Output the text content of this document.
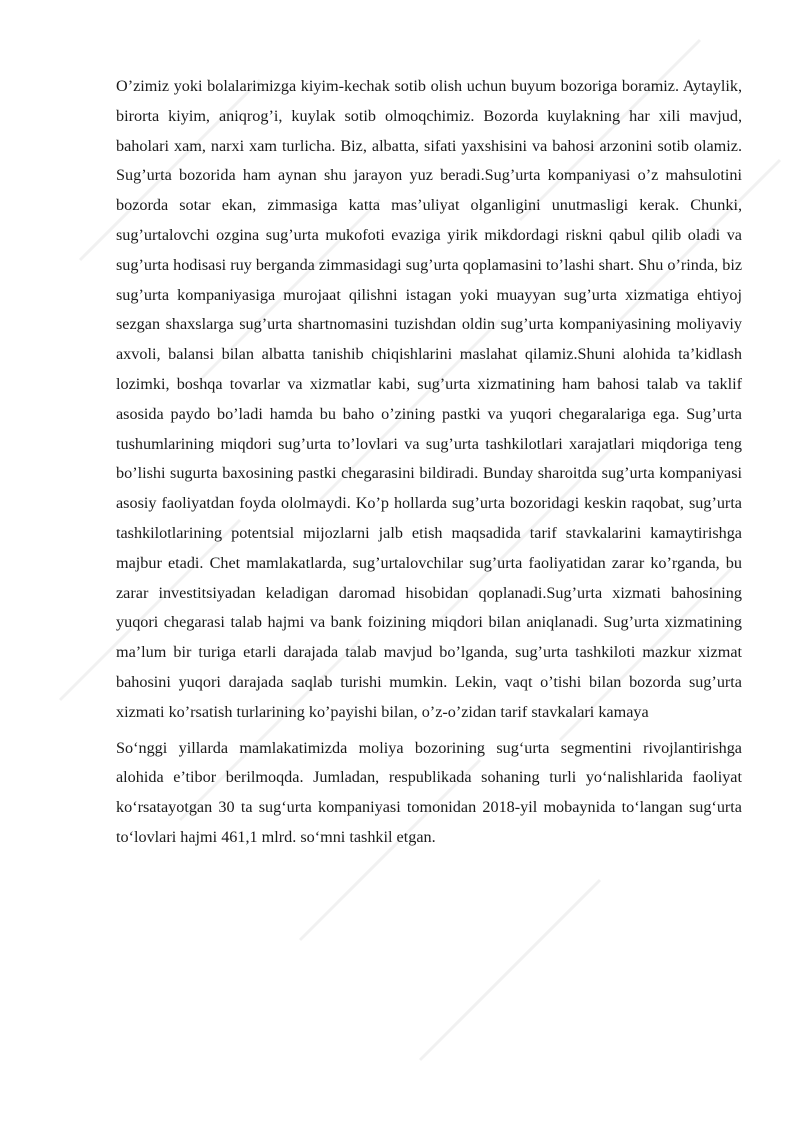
O’zimiz yoki bolalarimizga kiyim-kechak sotib olish uchun buyum bozoriga boramiz. Aytaylik, birorta kiyim, aniqrog’i, kuylak sotib olmoqchimiz. Bozorda kuylakning har xili mavjud, baholari xam, narxi xam turlicha. Biz, albatta, sifati yaxshisini va bahosi arzonini sotib olamiz. Sug’urta bozorida ham aynan shu jarayon yuz beradi.Sug’urta kompaniyasi o’z mahsulotini bozorda sotar ekan, zimmasiga katta mas’uliyat olganligini unutmasligi kerak. Chunki, sug’urtalovchi ozgina sug’urta mukofoti evaziga yirik mikdordagi riskni qabul qilib oladi va sug’urta hodisasi ruy berganda zimmasidagi sug’urta qoplamasini to’lashi shart. Shu o’rinda, biz sug’urta kompaniyasiga murojaat qilishni istagan yoki muayyan sug’urta xizmatiga ehtiyoj sezgan shaxslarga sug’urta shartnomasini tuzishdan oldin sug’urta kompaniyasining moliyaviy axvoli, balansi bilan albatta tanishib chiqishlarini maslahat qilamiz.Shuni alohida ta’kidlash lozimki, boshqa tovarlar va xizmatlar kabi, sug’urta xizmatining ham bahosi talab va taklif asosida paydo bo’ladi hamda bu baho o’zining pastki va yuqori chegaralariga ega. Sug’urta tushumlarining miqdori sug’urta to’lovlari va sug’urta tashkilotlari xarajatlari miqdoriga teng bo’lishi sugurta baxosining pastki chegarasini bildiradi. Bunday sharoitda sug’urta kompaniyasi asosiy faoliyatdan foyda ololmaydi. Ko’p hollarda sug’urta bozoridagi keskin raqobat, sug’urta tashkilotlarining potentsial mijozlarni jalb etish maqsadida tarif stavkalarini kamaytirishga majbur etadi. Chet mamlakatlarda, sug’urtalovchilar sug’urta faoliyatidan zarar ko’rganda, bu zarar investitsiyadan keladigan daromad hisobidan qoplanadi.Sug’urta xizmati bahosining yuqori chegarasi talab hajmi va bank foizining miqdori bilan aniqlanadi. Sug’urta xizmatining ma’lum bir turiga etarli darajada talab mavjud bo’lganda, sug’urta tashkiloti mazkur xizmat bahosini yuqori darajada saqlab turishi mumkin. Lekin, vaqt o’tishi bilan bozorda sug’urta xizmati ko’rsatish turlarining ko’payishi bilan, o’z-o’zidan tarif stavkalari kamaya

So‘nggi yillarda mamlakatimizda moliya bozorining sug‘urta segmentini rivojlantirishga alohida e’tibor berilmoqda. Jumladan, respublikada sohaning turli yo‘nalishlarida faoliyat ko‘rsatayotgan 30 ta sug‘urta kompaniyasi tomonidan 2018-yil mobaynida to‘langan sug‘urta to‘lovlari hajmi 461,1 mlrd. so‘mni tashkil etgan.
